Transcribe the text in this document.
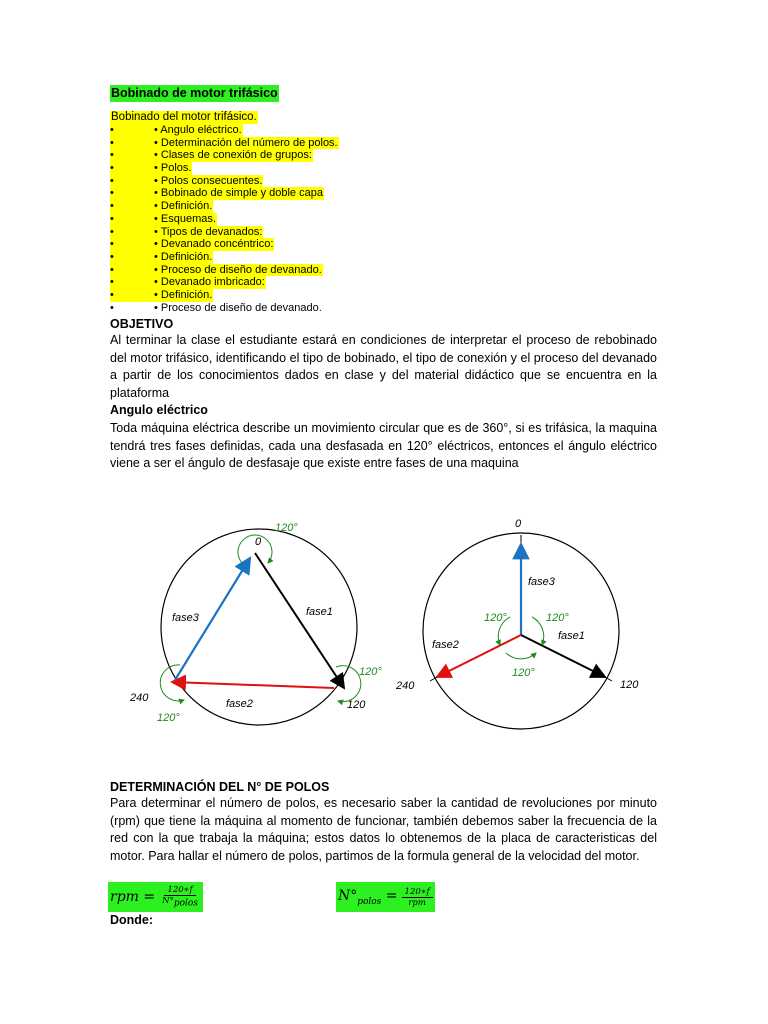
Bobinado de motor trifásico
Bobinado del motor trifásico.
•	• Angulo eléctrico.
•	• Determinación del número de polos.
•	• Clases de conexión de grupos:
•	• Polos.
•	• Polos consecuentes.
•	• Bobinado de simple y doble capa
•	• Definición.
•	• Esquemas.
•	• Tipos de devanados:
•	• Devanado concéntrico:
•	• Definición.
•	• Proceso de diseño de devanado.
•	• Devanado imbricado:
•	• Definición.
•	• Proceso de diseño de devanado.
OBJETIVO
Al terminar la clase el estudiante estará en condiciones de interpretar el proceso de rebobinado del motor trifásico, identificando el tipo de bobinado, el tipo de conexión y el proceso del devanado a partir de los conocimientos dados en clase y del material didáctico que se encuentra en la plataforma
Angulo eléctrico
Toda máquina eléctrica describe un movimiento circular que es de 360°, si es trifásica, la maquina tendrá tres fases definidas, cada una desfasada en 120° eléctricos, entonces el ángulo eléctrico viene a ser el ángulo de desfasaje que existe entre fases de una maquina
0
120
240
fase1
fase2
fase3
120°
120°
120°
0
120
240
fase3
fase1
fase2
120°	120°
120°
DETERMINACIÓN DEL N° DE POLOS
Para determinar el número de polos, es necesario saber la cantidad de revoluciones por minuto (rpm) que tiene la máquina al momento de funcionar, también debemos saber la frecuencia de la red con la que trabaja la máquina; estos datos lo obtenemos de la placa de caracteristicas del motor. Para hallar el número de polos, partimos de la formula general de la velocidad del motor.
rpm = $\frac{120∗f}{N^\circ_{polos}}$	$N^\circ_{polos} = \frac{120∗f}{\text{rpm}}$
Donde:
